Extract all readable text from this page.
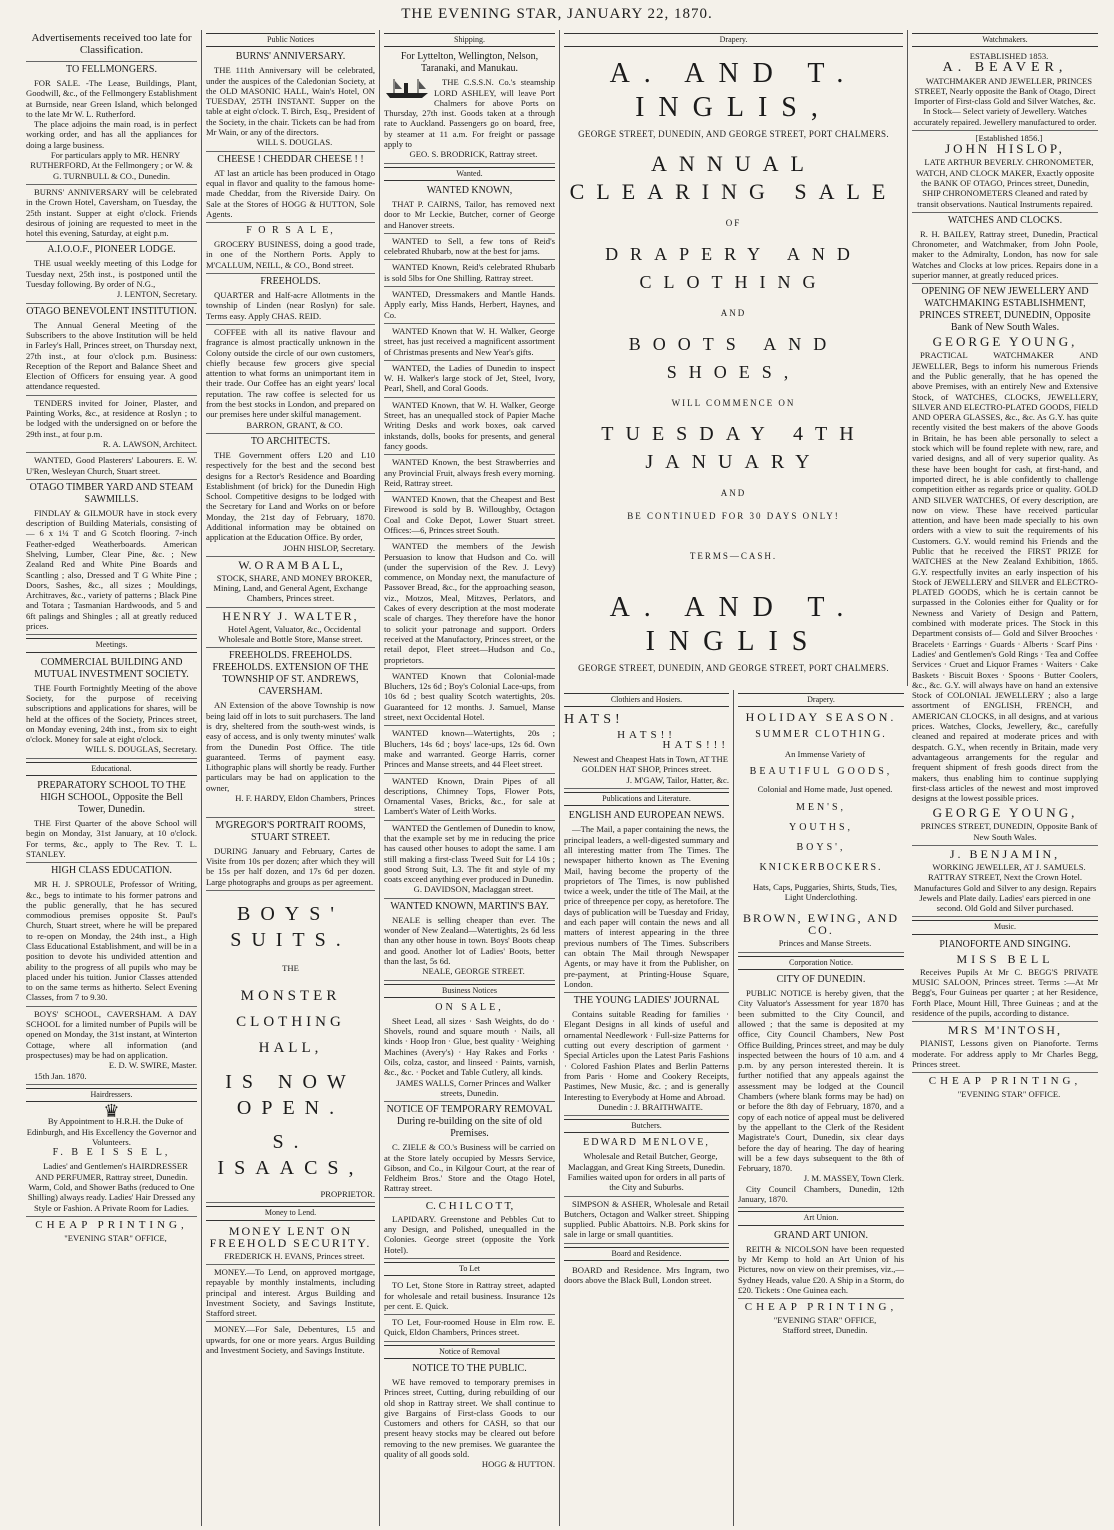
THE EVENING STAR, JANUARY 22, 1870.
Advertisements received too late for Classification.
TO FELLMONGERS.

FOR SALE. -The Lease, Buildings, Plant, Goodwill, &c., of the Fellmongery Establishment at Burnside, near Green Island, which belonged to the late Mr W. L. Rutherford.

The place adjoins the main road, is in perfect working order, and has all the appliances for doing a large business.

For particulars apply to MR. HENRY RUTHERFORD, At the Fellmongery ; or W. & G. TURNBULL & CO., Dunedin.

BURNS' ANNIVERSARY will be celebrated in the Crown Hotel, Caversham, on Tuesday, the 25th instant. Supper at eight o'clock. Friends desirous of joining are requested to meet in the hotel this evening, Saturday, at eight p.m.

A.I.O.O.F., PIONEER LODGE.

THE usual weekly meeting of this Lodge for Tuesday next, 25th inst., is postponed until the Tuesday following. By order of N.G.,

J. LENTON, Secretary.

OTAGO BENEVOLENT INSTITUTION.

The Annual General Meeting of the Subscribers to the above Institution will be held in Farley's Hall, Princes street, on Thursday next, 27th inst., at four o'clock p.m. Business: Reception of the Report and Balance Sheet and Election of Officers for ensuing year. A good attendance requested.

TENDERS invited for Joiner, Plaster, and Painting Works, &c., at residence at Roslyn ; to be lodged with the undersigned on or before the 29th inst., at four p.m.

R. A. LAWSON, Architect.

WANTED, Good Plasterers' Labourers. E. W. U'Ren, Wesleyan Church, Stuart street.

OTAGO TIMBER YARD AND STEAM SAWMILLS.

FINDLAY & GILMOUR have in stock every description of Building Materials, consisting of— 6 x 1¼ T and G Scotch flooring. 7-inch Feather-edged Weatherboards. American Shelving, Lumber, Clear Pine, &c. ; New Zealand Red and White Pine Boards and Scantling ; also, Dressed and T G White Pine ; Doors, Sashes, &c., all sizes ; Mouldings, Architraves, &c., variety of patterns ; Black Pine and Totara ; Tasmanian Hardwoods, and 5 and 6ft palings and Shingles ; all at greatly reduced prices.

Meetings.
COMMERCIAL BUILDING AND MUTUAL INVESTMENT SOCIETY.

THE Fourth Fortnightly Meeting of the above Society, for the purpose of receiving subscriptions and applications for shares, will be held at the offices of the Society, Princes street, on Monday evening, 24th inst., from six to eight o'clock. Money for sale at eight o'clock.

WILL S. DOUGLAS, Secretary.

Educational.
PREPARATORY SCHOOL TO THE HIGH SCHOOL, Opposite the Bell Tower, Dunedin.

THE First Quarter of the above School will begin on Monday, 31st January, at 10 o'clock. For terms, &c., apply to The Rev. T. L. STANLEY.

HIGH CLASS EDUCATION.

MR H. J. SPROULE, Professor of Writing, &c., begs to intimate to his former patrons and the public generally, that he has secured commodious premises opposite St. Paul's Church, Stuart street, where he will be prepared to re-open on Monday, the 24th inst., a High Class Educational Establishment, and will be in a position to devote his undivided attention and ability to the progress of all pupils who may be placed under his tuition. Junior Classes attended to on the same terms as hitherto. Select Evening Classes, from 7 to 9.30.

BOYS' SCHOOL, CAVERSHAM. A DAY SCHOOL for a limited number of Pupils will be opened on Monday, the 31st instant, at Winterton Cottage, where all information (and prospectuses) may be had on application.

E. D. W. SWIRE, Master.

15th Jan. 1870.

Hairdressers.
♛

By Appointment to H.R.H. the Duke of Edinburgh, and His Excellency the Governor and Volunteers.

F. B E I S S E L,

Ladies' and Gentlemen's HAIRDRESSER AND PERFUMER, Rattray street, Dunedin. Warm, Cold, and Shower Baths (reduced to One Shilling) always ready. Ladies' Hair Dressed any Style or Fashion. A Private Room for Ladies.

CHEAP PRINTING,

"EVENING STAR" OFFICE,

Public Notices
BURNS' ANNIVERSARY.

THE 111th Anniversary will be celebrated, under the auspices of the Caledonian Society, at the OLD MASONIC HALL, Wain's Hotel, ON TUESDAY, 25TH INSTANT. Supper on the table at eight o'clock. T. Birch, Esq., President of the Society, in the chair. Tickets can be had from Mr Wain, or any of the directors.

WILL S. DOUGLAS.

CHEESE ! CHEDDAR CHEESE ! !

AT last an article has been produced in Otago equal in flavor and quality to the famous home-made Cheddar, from the Riverside Dairy. On Sale at the Stores of HOGG & HUTTON, Sole Agents.

F O R S A L E,

GROCERY BUSINESS, doing a good trade, in one of the Northern Ports. Apply to M'CALLUM, NEILL, & CO., Bond street.

FREEHOLDS.

QUARTER and Half-acre Allotments in the township of Linden (near Roslyn) for sale. Terms easy. Apply CHAS. REID.

COFFEE with all its native flavour and fragrance is almost practically unknown in the Colony outside the circle of our own customers, chiefly because few grocers give special attention to what forms an unimportant item in their trade. Our Coffee has an eight years' local reputation. The raw coffee is selected for us from the best stocks in London, and prepared on our premises here under skilful management.

BARRON, GRANT, & CO.

TO ARCHITECTS.

THE Government offers L20 and L10 respectively for the best and the second best designs for a Rector's Residence and Boarding Establishment (of brick) for the Dunedin High School. Competitive designs to be lodged with the Secretary for Land and Works on or before Monday, the 21st day of February, 1870. Additional information may be obtained on application at the Education Office. By order,

JOHN HISLOP, Secretary.

W. O R A M B A L L,

STOCK, SHARE, AND MONEY BROKER, Mining, Land, and General Agent, Exchange Chambers, Princes street.

HENRY J. WALTER,

Hotel Agent, Valuator, &c., Occidental Wholesale and Bottle Store, Manse street.

FREEHOLDS. FREEHOLDS. FREEHOLDS. EXTENSION OF THE TOWNSHIP OF ST. ANDREWS, CAVERSHAM.

AN Extension of the above Township is now being laid off in lots to suit purchasers. The land is dry, sheltered from the south-west winds, is easy of access, and is only twenty minutes' walk from the Dunedin Post Office. The title guaranteed. Terms of payment easy. Lithographic plans will shortly be ready. Further particulars may be had on application to the owner,

H. F. HARDY, Eldon Chambers, Princes street.

M'GREGOR'S PORTRAIT ROOMS, STUART STREET.

DURING January and February, Cartes de Visite from 10s per dozen; after which they will be 15s per half dozen, and 17s 6d per dozen. Large photographs and groups as per agreement.

BOYS' SUITS.
THE
MONSTER CLOTHING HALL,
IS NOW OPEN.
S. ISAACS,

PROPRIETOR.

Money to Lend.
MONEY LENT ON FREEHOLD SECURITY.

FREDERICK H. EVANS, Princes street.

MONEY.—To Lend, on approved mortgage, repayable by monthly instalments, including principal and interest. Argus Building and Investment Society, and Savings Institute, Stafford street.

MONEY.—For Sale, Debentures, L5 and upwards, for one or more years. Argus Building and Investment Society, and Savings Institute.

Shipping.
For Lyttelton, Wellington, Nelson, Taranaki, and Manukau.

THE C.S.S.N. Co.'s steamship LORD ASHLEY, will leave Port Chalmers for above Ports on Thursday, 27th inst. Goods taken at a through rate to Auckland. Passengers go on board, free, by steamer at 11 a.m. For freight or passage apply to

GEO. S. BRODRICK, Rattray street.

Wanted.
WANTED KNOWN,

THAT P. CAIRNS, Tailor, has removed next door to Mr Leckie, Butcher, corner of George and Hanover streets.

WANTED to Sell, a few tons of Reid's celebrated Rhubarb, now at the best for jams.

WANTED Known, Reid's celebrated Rhubarb is sold 5lbs for One Shilling. Rattray street.

WANTED, Dressmakers and Mantle Hands. Apply early, Miss Hands, Herbert, Haynes, and Co.

WANTED Known that W. H. Walker, George street, has just received a magnificent assortment of Christmas presents and New Year's gifts.

WANTED, the Ladies of Dunedin to inspect W. H. Walker's large stock of Jet, Steel, Ivory, Pearl, Shell, and Coral Goods.

WANTED Known, that W. H. Walker, George Street, has an unequalled stock of Papier Mache Writing Desks and work boxes, oak carved inkstands, dolls, books for presents, and general fancy goods.

WANTED Known, the best Strawberries and any Provincial Fruit, always fresh every morning. Reid, Rattray street.

WANTED Known, that the Cheapest and Best Firewood is sold by B. Willoughby, Octagon Coal and Coke Depot, Lower Stuart street. Offices:—6, Princes street South.

WANTED the members of the Jewish Persuasion to know that Hudson and Co. will (under the supervision of the Rev. J. Levy) commence, on Monday next, the manufacture of Passover Bread, &c., for the approaching season, viz., Motzos, Meal, Mitzves, Perlators, and Cakes of every description at the most moderate scale of charges. They therefore have the honor to solicit your patronage and support. Orders received at the Manufactory, Princes street, or the retail depot, Fleet street—Hudson and Co., proprietors.

WANTED Known that Colonial-made Bluchers, 12s 6d ; Boy's Colonial Lace-ups, from 10s 6d ; best quality Scotch watertights, 20s. Guaranteed for 12 months. J. Samuel, Manse street, next Occidental Hotel.

WANTED known—Watertights, 20s ; Bluchers, 14s 6d ; boys' lace-ups, 12s 6d. Own make and warranted. George Harris, corner Princes and Manse streets, and 44 Fleet street.

WANTED Known, Drain Pipes of all descriptions, Chimney Tops, Flower Pots, Ornamental Vases, Bricks, &c., for sale at Lambert's Water of Leith Works.

WANTED the Gentlemen of Dunedin to know, that the example set by me in reducing the price has caused other houses to adopt the same. I am still making a first-class Tweed Suit for L4 10s ; good Strong Suit, L3. The fit and style of my coats exceed anything ever produced in Dunedin.

G. DAVIDSON, Maclaggan street.

WANTED KNOWN, MARTIN'S BAY.

NEALE is selling cheaper than ever. The wonder of New Zealand—Watertights, 2s 6d less than any other house in town. Boys' Boots cheap and good. Another lot of Ladies' Boots, better than the last, 5s 6d.

NEALE, GEORGE STREET.

Business Notices
ON SALE,

Sheet Lead, all sizes · Sash Weights, do do · Shovels, round and square mouth · Nails, all kinds · Hoop Iron · Glue, best quality · Weighing Machines (Avery's) · Hay Rakes and Forks · Oils, colza, castor, and linseed · Paints, varnish, &c., &c. · Pocket and Table Cutlery, all kinds.

JAMES WALLS, Corner Princes and Walker streets, Dunedin.

NOTICE OF TEMPORARY REMOVAL During re-building on the site of old Premises.

C. ZIELE & CO.'s Business will be carried on at the Store lately occupied by Messrs Service, Gibson, and Co., in Kilgour Court, at the rear of Feldheim Bros.' Store and the Otago Hotel, Rattray street.

C. C H I L C O T T,

LAPIDARY. Greenstone and Pebbles Cut to any Design, and Polished, unequalled in the Colonies. George street (opposite the York Hotel).

To Let

TO Let, Stone Store in Rattray street, adapted for wholesale and retail business. Insurance 12s per cent. E. Quick.

TO Let, Four-roomed House in Elm row. E. Quick, Eldon Chambers, Princes street.

Notice of Removal
NOTICE TO THE PUBLIC.

WE have removed to temporary premises in Princes street, Cutting, during rebuilding of our old shop in Rattray street. We shall continue to give Bargains of First-class Goods to our Customers and others for CASH, so that our present heavy stocks may be cleared out before removing to the new premises. We guarantee the quality of all goods sold.

HOGG & HUTTON.

Drapery.
A. AND T. INGLIS,
GEORGE STREET, DUNEDIN, AND GEORGE STREET, PORT CHALMERS.
ANNUAL CLEARING SALE
OF
DRAPERY AND CLOTHING
AND
BOOTS AND SHOES,
WILL COMMENCE ON
TUESDAY 4TH JANUARY
AND
BE CONTINUED FOR 30 DAYS ONLY!
TERMS—CASH.
A. AND T. INGLIS
GEORGE STREET, DUNEDIN, AND GEORGE STREET, PORT CHALMERS.
Clothiers and Hosiers.
HATS!
HATS!!
HATS!!!

Newest and Cheapest Hats in Town, AT THE GOLDEN HAT SHOP, Princes street.

J. M'GAW, Tailor, Hatter, &c.

Publications and Literature.
ENGLISH AND EUROPEAN NEWS.

—The Mail, a paper containing the news, the principal leaders, a well-digested summary and all interesting matter from The Times. The newspaper hitherto known as The Evening Mail, having become the property of the proprietors of The Times, is now published twice a week, under the title of The Mail, at the price of threepence per copy, as heretofore. The days of publication will be Tuesday and Friday, and each paper will contain the news and all matters of interest appearing in the three previous numbers of The Times. Subscribers can obtain The Mail through Newspaper Agents, or may have it from the Publisher, on pre-payment, at Printing-House Square, London.

THE YOUNG LADIES' JOURNAL

Contains suitable Reading for families · Elegant Designs in all kinds of useful and ornamental Needlework · Full-size Patterns for cutting out every description of garment · Special Articles upon the Latest Paris Fashions · Colored Fashion Plates and Berlin Patterns from Paris · Home and Cookery Receipts, Pastimes, New Music, &c. ; and is generally Interesting to Everybody at Home and Abroad.

Dunedin : J. BRAITHWAITE.

Butchers.
EDWARD MENLOVE,

Wholesale and Retail Butcher, George, Maclaggan, and Great King Streets, Dunedin. Families waited upon for orders in all parts of the City and Suburbs.

SIMPSON & ASHER, Wholesale and Retail Butchers, Octagon and Walker street. Shipping supplied. Public Abattoirs. N.B. Pork skins for sale in large or small quantities.

Board and Residence.

BOARD and Residence. Mrs Ingram, two doors above the Black Bull, London street.

Drapery.
HOLIDAY SEASON.
SUMMER CLOTHING.

An Immense Variety of

BEAUTIFUL GOODS,

Colonial and Home made, Just opened.

MEN'S,
YOUTHS,
BOYS',
KNICKERBOCKERS.

Hats, Caps, Puggaries, Shirts, Studs, Ties, Light Underclothing.

BROWN, EWING, AND CO.

Princes and Manse Streets.

Corporation Notice.
CITY OF DUNEDIN.

PUBLIC NOTICE is hereby given, that the City Valuator's Assessment for year 1870 has been submitted to the City Council, and allowed ; that the same is deposited at my office, City Council Chambers, New Post Office Building, Princes street, and may be duly inspected between the hours of 10 a.m. and 4 p.m. by any person interested therein. It is further notified that any appeals against the assessment may be lodged at the Council Chambers (where blank forms may be had) on or before the 8th day of February, 1870, and a copy of each notice of appeal must be delivered by the appellant to the Clerk of the Resident Magistrate's Court, Dunedin, six clear days before the day of hearing. The day of hearing will be a few days subsequent to the 8th of February, 1870.

J. M. MASSEY, Town Clerk.

City Council Chambers, Dunedin, 12th January, 1870.

Art Union.
GRAND ART UNION.

REITH & NICOLSON have been requested by Mr Kemp to hold an Art Union of his Pictures, now on view on their premises, viz.,— Sydney Heads, value £20. A Ship in a Storm, do £20. Tickets : One Guinea each.

CHEAP PRINTING,

"EVENING STAR" OFFICE,

Stafford street, Dunedin.

Watchmakers.

ESTABLISHED 1853.

A. BEAVER,

WATCHMAKER AND JEWELLER, PRINCES STREET, Nearly opposite the Bank of Otago, Direct Importer of First-class Gold and Silver Watches, &c. In Stock— Select variety of Jewellery. Watches accurately repaired. Jewellery manufactured to order.

[Established 1856.]

JOHN HISLOP,

LATE ARTHUR BEVERLY. CHRONOMETER, WATCH, AND CLOCK MAKER, Exactly opposite the BANK OF OTAGO, Princes street, Dunedin, SHIP CHRONOMETERS Cleaned and rated by transit observations. Nautical Instruments repaired.

WATCHES AND CLOCKS.

R. H. BAILEY, Rattray street, Dunedin, Practical Chronometer, and Watchmaker, from John Poole, maker to the Admiralty, London, has now for sale Watches and Clocks at low prices. Repairs done in a superior manner, at greatly reduced prices.

OPENING OF NEW JEWELLERY AND WATCHMAKING ESTABLISHMENT, PRINCES STREET, DUNEDIN, Opposite Bank of New South Wales.
GEORGE YOUNG,

PRACTICAL WATCHMAKER AND JEWELLER, Begs to inform his numerous Friends and the Public generally, that he has opened the above Premises, with an entirely New and Extensive Stock, of WATCHES, CLOCKS, JEWELLERY, SILVER AND ELECTRO-PLATED GOODS, FIELD AND OPERA GLASSES, &c., &c. As G.Y. has quite recently visited the best makers of the above Goods in Britain, he has been able personally to select a stock which will be found replete with new, rare, and varied designs, and all of very superior quality. As these have been bought for cash, at first-hand, and imported direct, he is able confidently to challenge competition either as regards price or quality. GOLD AND SILVER WATCHES, Of every description, are now on view. These have received particular attention, and have been made specially to his own orders with a view to suit the requirements of his Customers. G.Y. would remind his Friends and the Public that he received the FIRST PRIZE for WATCHES at the New Zealand Exhibition, 1865. G.Y. respectfully invites an early inspection of his Stock of JEWELLERY and SILVER and ELECTRO-PLATED GOODS, which he is certain cannot be surpassed in the Colonies either for Quality or for Newness and Variety of Design and Pattern, combined with moderate prices. The Stock in this Department consists of— Gold and Silver Brooches · Bracelets · Earrings · Guards · Alberts · Scarf Pins · Ladies' and Gentlemen's Gold Rings · Tea and Coffee Services · Cruet and Liquor Frames · Waiters · Cake Baskets · Biscuit Boxes · Spoons · Butter Coolers, &c., &c. G.Y. will always have on hand an extensive Stock of COLONIAL JEWELLERY ; also a large assortment of ENGLISH, FRENCH, and AMERICAN CLOCKS, in all designs, and at various prices. Watches, Clocks, Jewellery, &c., carefully cleaned and repaired at moderate prices and with despatch. G.Y., when recently in Britain, made very advantageous arrangements for the regular and frequent shipment of fresh goods direct from the makers, thus enabling him to continue supplying first-class articles of the newest and most improved designs at the lowest possible prices.

GEORGE YOUNG,

PRINCES STREET, DUNEDIN, Opposite Bank of New South Wales.

J. BENJAMIN,

WORKING JEWELLER, AT J. SAMUELS. RATTRAY STREET, Next the Crown Hotel. Manufactures Gold and Silver to any design. Repairs Jewels and Plate daily. Ladies' ears pierced in one second. Old Gold and Silver purchased.

Music.
PIANOFORTE AND SINGING.
MISS BELL

Receives Pupils At Mr C. BEGG'S PRIVATE MUSIC SALOON, Princes street. Terms :—At Mr Begg's, Four Guineas per quarter ; at her Residence, Forth Place, Mount Hill, Three Guineas ; and at the residence of the pupils, according to distance.

MRS M'INTOSH,

PIANIST, Lessons given on Pianoforte. Terms moderate. For address apply to Mr Charles Begg, Princes street.

CHEAP PRINTING,

"EVENING STAR" OFFICE.
